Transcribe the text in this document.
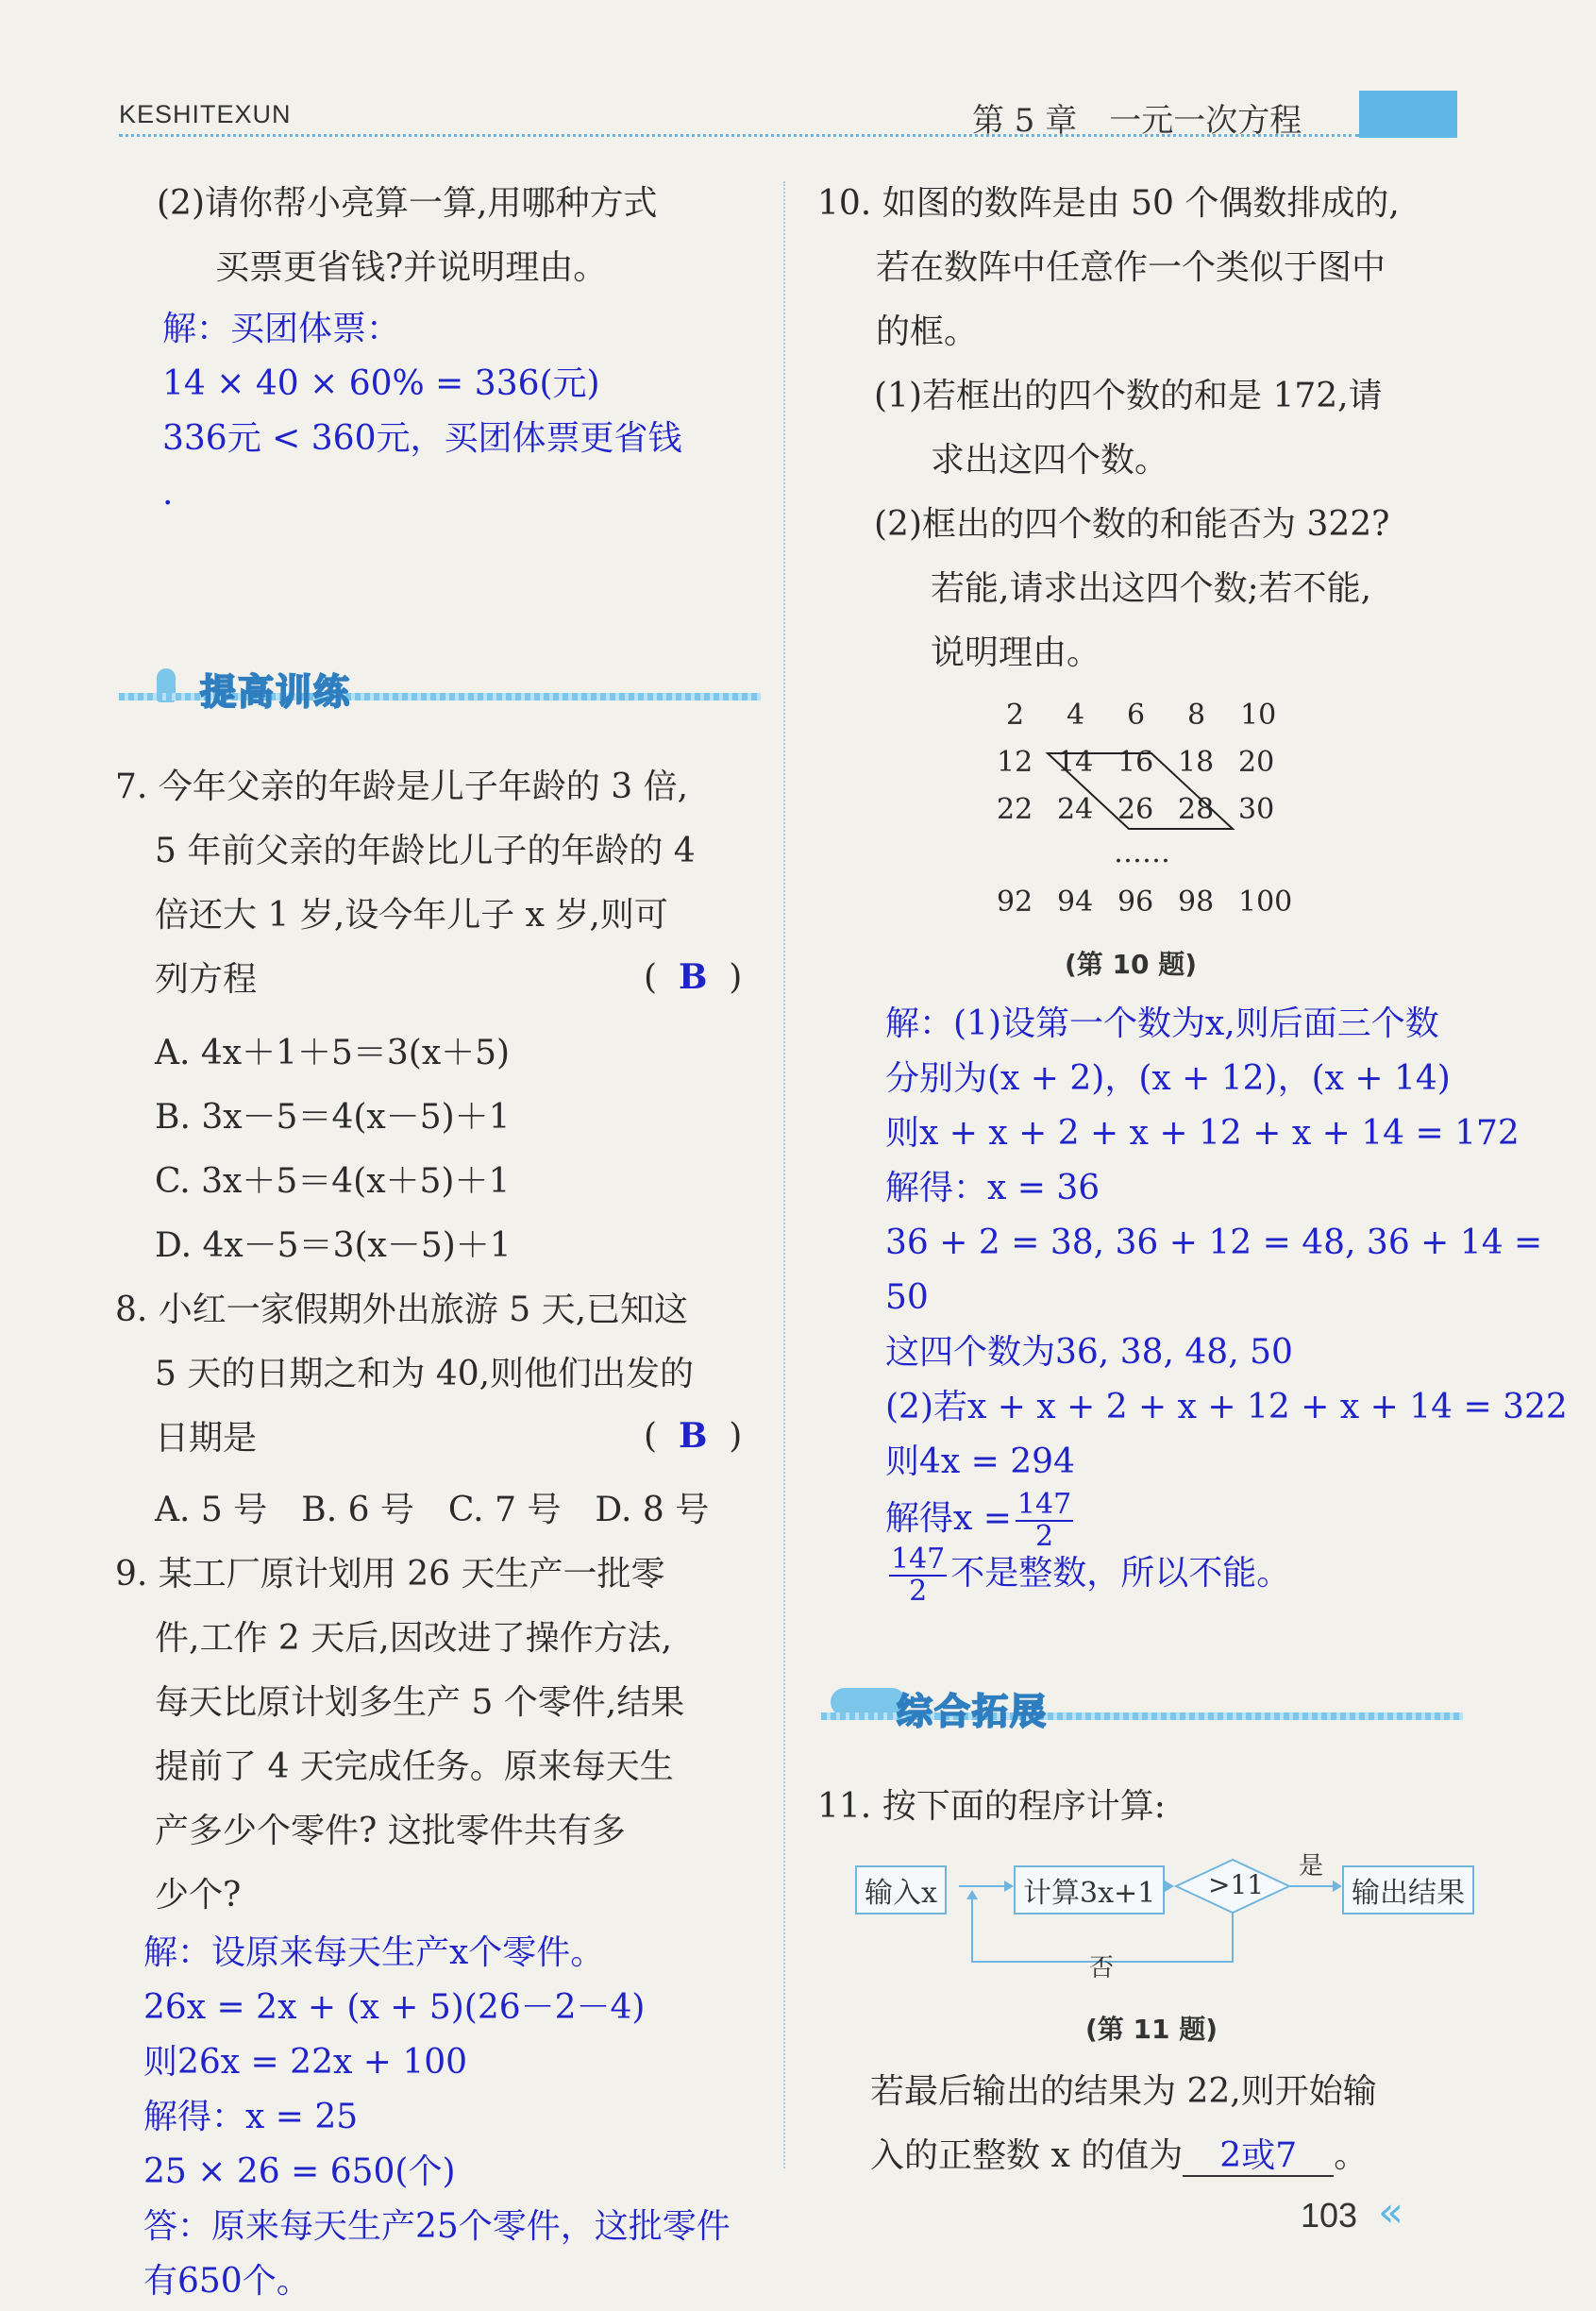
KESHITEXUN	第 5 章　一元一次方程
(2)请你帮小亮算一算,用哪种方式
买票更省钱?并说明理由。
解：买团体票：
14 × 40 × 60% = 336(元)
336元 < 360元，买团体票更省钱
.
提高训练
7. 今年父亲的年龄是儿子年龄的 3 倍,
5 年前父亲的年龄比儿子的年龄的 4
倍还大 1 岁,设今年儿子 x 岁,则可
列方程	( B )
A. 4x＋1＋5＝3(x＋5)
B. 3x－5＝4(x－5)＋1
C. 3x＋5＝4(x＋5)＋1
D. 4x－5＝3(x－5)＋1
8. 小红一家假期外出旅游 5 天,已知这
5 天的日期之和为 40,则他们出发的
日期是	( B )
A. 5 号　B. 6 号　C. 7 号　D. 8 号
9. 某工厂原计划用 26 天生产一批零
件,工作 2 天后,因改进了操作方法,
每天比原计划多生产 5 个零件,结果
提前了 4 天完成任务。原来每天生
产多少个零件? 这批零件共有多
少个?
解：设原来每天生产x个零件。
26x = 2x + (x + 5)(26－2－4)
则26x = 22x + 100
解得：x = 25
25 × 26 = 650(个)
答：原来每天生产25个零件，这批零件
有650个。
10. 如图的数阵是由 50 个偶数排成的,
若在数阵中任意作一个类似于图中
的框。
(1)若框出的四个数的和是 172,请
求出这四个数。
(2)框出的四个数的和能否为 322?
若能,请求出这四个数;若不能,
说明理由。
2 4 6 8 10
12 14 16 18 20
22 24 26 28 30
……
92 94 96 98 100
(第 10 题)
解：(1)设第一个数为x,则后面三个数
分别为(x + 2)，(x + 12)，(x + 14)
则x + x + 2 + x + 12 + x + 14 = 172
解得：x = 36
36 + 2 = 38, 36 + 12 = 48, 36 + 14 = 50
这四个数为36, 38, 48, 50
(2)若x + x + 2 + x + 12 + x + 14 = 322
则4x = 294
解得$x = \frac{147}{2}$
$\frac{147}{2}$ 不是整数，所以不能。
综合拓展
11. 按下面的程序计算:
输入x	计算3x+1	>11
是
输出结果
否
(第 11 题)
若最后输出的结果为 22,则开始输
入的正整数 x 的值为 2或7 。
103 «
